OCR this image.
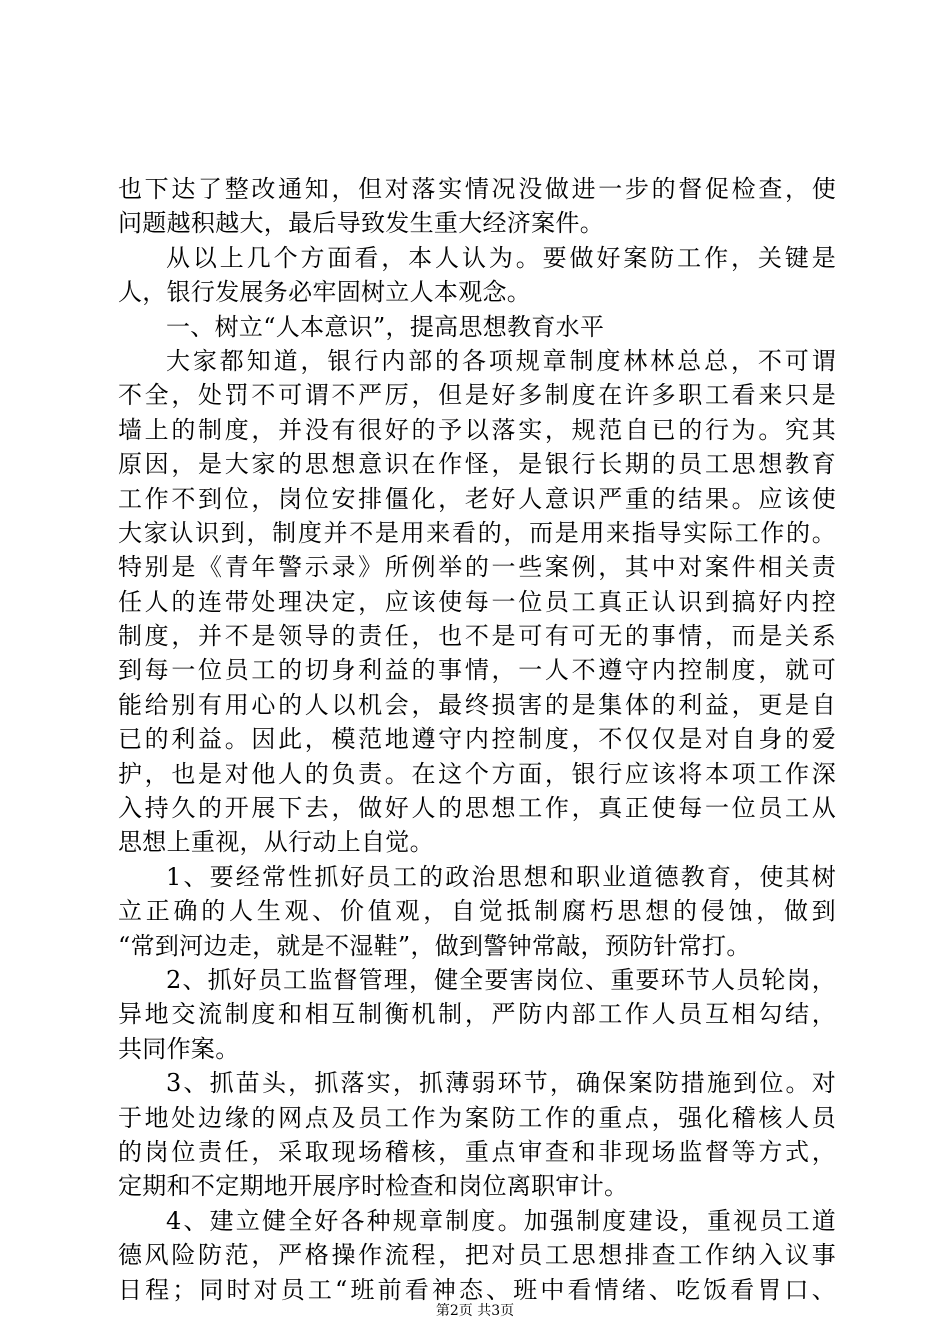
也下达了整改通知，但对落实情况没做进一步的督促检查，使
问题越积越大，最后导致发生重大经济案件。
从以上几个方面看，本人认为。要做好案防工作，关键是
人，银行发展务必牢固树立人本观念。
一、树立“人本意识”，提高思想教育水平
大家都知道，银行内部的各项规章制度林林总总，不可谓
不全，处罚不可谓不严厉，但是好多制度在许多职工看来只是
墙上的制度，并没有很好的予以落实，规范自已的行为。究其
原因，是大家的思想意识在作怪，是银行长期的员工思想教育
工作不到位，岗位安排僵化，老好人意识严重的结果。应该使
大家认识到，制度并不是用来看的，而是用来指导实际工作的。
特别是《青年警示录》所例举的一些案例，其中对案件相关责
任人的连带处理决定，应该使每一位员工真正认识到搞好内控
制度，并不是领导的责任，也不是可有可无的事情，而是关系
到每一位员工的切身利益的事情，一人不遵守内控制度，就可
能给别有用心的人以机会，最终损害的是集体的利益，更是自
已的利益。因此，模范地遵守内控制度，不仅仅是对自身的爱
护，也是对他人的负责。在这个方面，银行应该将本项工作深
入持久的开展下去，做好人的思想工作，真正使每一位员工从
思想上重视，从行动上自觉。
1、要经常性抓好员工的政治思想和职业道德教育，使其树
立正确的人生观、价值观，自觉抵制腐朽思想的侵蚀，做到
“常到河边走，就是不湿鞋”，做到警钟常敲，预防针常打。
2、抓好员工监督管理，健全要害岗位、重要环节人员轮岗，
异地交流制度和相互制衡机制，严防内部工作人员互相勾结，
共同作案。
3、抓苗头，抓落实，抓薄弱环节，确保案防措施到位。对
于地处边缘的网点及员工作为案防工作的重点，强化稽核人员
的岗位责任，采取现场稽核，重点审查和非现场监督等方式，
定期和不定期地开展序时检查和岗位离职审计。
4、建立健全好各种规章制度。加强制度建设，重视员工道
德风险防范，严格操作流程，把对员工思想排查工作纳入议事
日程；同时对员工“班前看神态、班中看情绪、吃饭看胃口、
第2页 共3页
